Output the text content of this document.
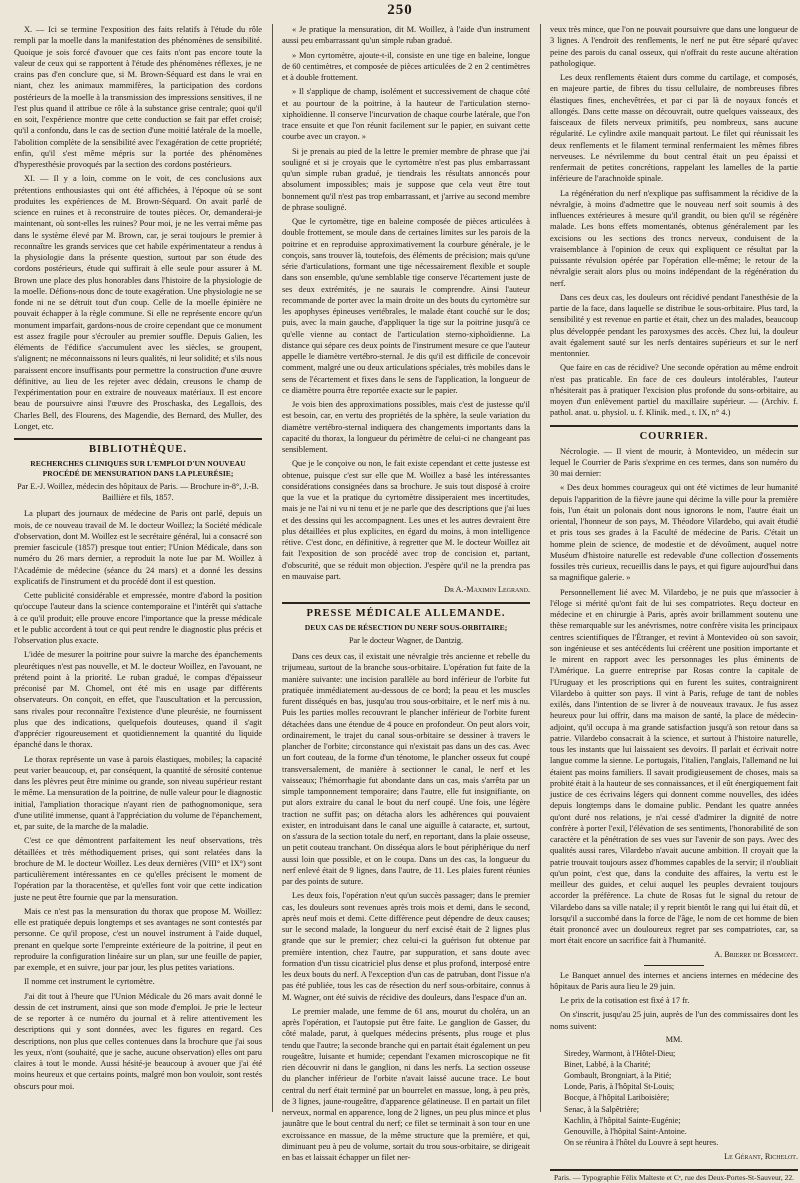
250

X. — Ici se termine l'exposition des faits relatifs à l'étude du rôle rempli par la moelle dans la manifestation des phénomènes de sensibilité. Quoique je sois forcé d'avouer que ces faits n'ont pas encore toute la valeur de ceux qui se rapportent à l'étude des phénomènes réflexes, je ne crains pas d'en conclure que, si M. Brown-Séquard est dans le vrai en niant, chez les animaux mammifères, la participation des cordons postérieurs de la moelle à la transmission des impressions sensitives, il ne l'est plus quand il attribue ce rôle à la substance grise centrale; quoi qu'il en soit, l'expérience montre que cette conduction se fait par effet croisé; qu'il a confondu, dans le cas de section d'une moitié latérale de la moelle, l'abolition complète de la sensibilité avec l'exagération de cette propriété; enfin, qu'il s'est même mépris sur la portée des phénomènes d'hyperesthésie provoqués par la section des cordons postérieurs.

XI. — Il y a loin, comme on le voit, de ces conclusions aux prétentions enthousiastes qui ont été affichées, à l'époque où se sont produites les expériences de M. Brown-Séquard. On avait parlé de science en ruines et à reconstruire de toutes pièces. Or, demanderai-je maintenant, où sont-elles les ruines? Pour moi, je ne les verrai même pas dans le système élevé par M. Brown, car, je serai toujours le premier à reconnaître les grands services que cet habile expérimentateur a rendus à la physiologie dans la présente question, surtout par son étude des cordons postérieurs, étude qui suffirait à elle seule pour assurer à M. Brown une place des plus honorables dans l'histoire de la physiologie de la moelle. Défions-nous donc de toute exagération. Une physiologie ne se fonde ni ne se détruit tout d'un coup. Celle de la moelle épinière ne pouvait échapper à la règle commune. Si elle ne représente encore qu'un monument imparfait, gardons-nous de croire cependant que ce monument est assez fragile pour s'écrouler au premier souffle. Depuis Galien, les éléments de l'édifice s'accumulent avec les siècles, se groupent, s'alignent; ne méconnaissons ni leurs qualités, ni leur solidité; et s'ils nous paraissent encore insuffisants pour permettre la construction d'une œuvre définitive, au lieu de les rejeter avec dédain, creusons le champ de l'expérimentation pour en extraire de nouveaux matériaux. Il est encore beau de poursuivre ainsi l'œuvre des Proschaska, des Legallois, des Charles Bell, des Flourens, des Magendie, des Bernard, des Muller, des Longet, etc.

BIBLIOTHÈQUE.
RECHERCHES CLINIQUES SUR L'EMPLOI D'UN NOUVEAU PROCÉDÉ DE MENSURATION DANS LA PLEURÉSIE;
Par E.-J. Woillez, médecin des hôpitaux de Paris. — Brochure in-8°, J.-B. Baillière et fils, 1857.

La plupart des journaux de médecine de Paris ont parlé, depuis un mois, de ce nouveau travail de M. le docteur Woillez; la Société médicale d'observation, dont M. Woillez est le secrétaire général, lui a consacré son premier fascicule (1857) presque tout entier; l'Union Médicale, dans son numéro du 26 mars dernier, a reproduit la note lue par M. Woillez à l'Académie de médecine (séance du 24 mars) et a donné les dessins explicatifs de l'instrument et du procédé dont il est question.

Cette publicité considérable et empressée, montre d'abord la position qu'occupe l'auteur dans la science contemporaine et l'intérêt qui s'attache à ce qu'il produit; elle prouve encore l'importance que la presse médicale et le public accordent à tout ce qui peut rendre le diagnostic plus précis et l'observation plus exacte.

L'idée de mesurer la poitrine pour suivre la marche des épanchements pleurétiques n'est pas nouvelle, et M. le docteur Woillez, en l'avouant, ne prétend point à la priorité. Le ruban gradué, le compas d'épaisseur préconisé par M. Chomel, ont été mis en usage par différents observateurs. On conçoit, en effet, que l'auscultation et la percussion, sans rivales pour reconnaître l'existence d'une pleurésie, ne fournissent plus que des indications, quelquefois douteuses, quand il s'agit d'apprécier rigoureusement et quotidiennement la quantité du liquide épanché dans le thorax.

Le thorax représente un vase à parois élastiques, mobiles; la capacité peut varier beaucoup, et, par conséquent, la quantité de sérosité contenue dans les plèvres peut être minime ou grande, son niveau supérieur restant le même. La mensuration de la poitrine, de nulle valeur pour le diagnostic initial, l'ampliation thoracique n'ayant rien de pathognomonique, sera d'une utilité immense, quant à l'appréciation du volume de l'épanchement, et, par suite, de la marche de la maladie.

C'est ce que démontrent parfaitement les neuf observations, très détaillées et très méthodiquement prises, qui sont relatées dans la brochure de M. le docteur Woillez. Les deux dernières (VIII° et IX°) sont particulièrement intéressantes en ce qu'elles précisent le moment de l'opération par la thoracentèse, et qu'elles font voir que cette indication juste ne peut être fournie que par la mensuration.

Mais ce n'est pas la mensuration du thorax que propose M. Woillez: elle est pratiquée depuis longtemps et ses avantages ne sont contestés par personne. Ce qu'il propose, c'est un nouvel instrument à l'aide duquel, prenant en quelque sorte l'empreinte extérieure de la poitrine, il peut en reproduire la configuration linéaire sur un plan, sur une feuille de papier, par exemple, et en suivre, jour par jour, les plus petites variations.

Il nomme cet instrument le cyrtomètre.

J'ai dit tout à l'heure que l'Union Médicale du 26 mars avait donné le dessin de cet instrument, ainsi que son mode d'emploi. Je prie le lecteur de se reporter à ce numéro du journal et à relire attentivement les descriptions qui y sont données, avec les figures en regard. Ces descriptions, non plus que celles contenues dans la brochure que j'ai sous les yeux, n'ont (souhaité, que je sache, aucune observation) elles ont paru claires à tout le monde. Aussi hésité-je beaucoup à avouer que j'ai été moins heureux et que certains points, malgré mon bon vouloir, sont restés obscurs pour moi.

« Je pratique la mensuration, dit M. Woillez, à l'aide d'un instrument aussi peu embarrassant qu'un simple ruban gradué.

» Mon cyrtomètre, ajoute-t-il, consiste en une tige en baleine, longue de 60 centimètres, et composée de pièces articulées de 2 en 2 centimètres et à double frottement.

» Il s'applique de champ, isolément et successivement de chaque côté et au pourtour de la poitrine, à la hauteur de l'articulation sterno-xiphoïdienne. Il conserve l'incurvation de chaque courbe latérale, que l'on trace ensuite et que l'on réunit facilement sur le papier, en suivant cette courbe avec un crayon. »

Si je prenais au pied de la lettre le premier membre de phrase que j'ai souligné et si je croyais que le cyrtomètre n'est pas plus embarrassant qu'un simple ruban gradué, je tiendrais les résultats annoncés pour absolument impossibles; mais je suppose que cela veut être tout bonnement qu'il n'est pas trop embarrassant, et j'arrive au second membre de phrase souligné.

Que le cyrtomètre, tige en baleine composée de pièces articulées à double frottement, se moule dans de certaines limites sur les parois de la poitrine et en reproduise approximativement la courbure générale, je le conçois, sans trouver là, toutefois, des éléments de précision; mais qu'une série d'articulations, formant une tige nécessairement flexible et souple dans son ensemble, qu'une semblable tige conserve l'écartement juste de ses deux extrémités, je ne saurais le comprendre. Ainsi l'auteur recommande de porter avec la main droite un des bouts du cyrtomètre sur les apophyses épineuses vertébrales, le malade étant couché sur le dos; puis, avec la main gauche, d'appliquer la tige sur la poitrine jusqu'à ce qu'elle vienne au contact de l'articulation sterno-xiphoïdienne. La distance qui sépare ces deux points de l'instrument mesure ce que l'auteur appelle le diamètre vertébro-sternal. Je dis qu'il est difficile de concevoir comment, malgré une ou deux articulations spéciales, très mobiles dans le sens de l'écartement et fixes dans le sens de l'application, la longueur de ce diamètre pourra être reportée exacte sur le papier.

Je vois bien des approximations possibles, mais c'est de justesse qu'il est besoin, car, en vertu des propriétés de la sphère, la seule variation du diamètre vertébro-sternal indiquera des changements importants dans la capacité du thorax, la longueur du périmètre de celui-ci ne changeant pas sensiblement.

Que je le conçoive ou non, le fait existe cependant et cette justesse est obtenue, puisque c'est sur elle que M. Woillez a basé les intéressantes considérations consignées dans sa brochure. Je suis tout disposé à croire que la vue et la pratique du cyrtomètre dissiperaient mes incertitudes, mais je ne l'ai ni vu ni tenu et je ne parle que des descriptions que j'ai lues et des dessins qui les accompagnent. Les unes et les autres devraient être plus détaillées et plus explicites, en égard du moins, à mon intelligence rétive. C'est donc, en définitive, à regretter que M. le docteur Woillez ait fait l'exposition de son procédé avec trop de concision et, partant, d'obscurité, que se réduit mon objection. J'espère qu'il ne la prendra pas en mauvaise part.

Dr A.-Maximin Legrand.
PRESSE MÉDICALE ALLEMANDE.
DEUX CAS DE RÉSECTION DU NERF SOUS-ORBITAIRE;
Par le docteur Wagner, de Dantzig.

Dans ces deux cas, il existait une névralgie très ancienne et rebelle du trijumeau, surtout de la branche sous-orbitaire. L'opération fut faite de la manière suivante: une incision parallèle au bord inférieur de l'orbite fut pratiquée immédiatement au-dessous de ce bord; la peau et les muscles furent disséqués en bas, jusqu'au trou sous-orbitaire, et le nerf mis à nu. Puis les parties molles recouvrant le plancher inférieur de l'orbite furent détachées dans une étendue de 4 pouce en profondeur. On peut alors voir, ordinairement, le trajet du canal sous-orbitaire se dessiner à travers le plancher de l'orbite; circonstance qui n'existait pas dans un des cas. Avec un fort couteau, de la forme d'un ténotome, le plancher osseux fut coupé transversalement, de manière à sectionner le canal, le nerf et les vaisseaux; l'hémorrhagie fut abondante dans un cas, mais s'arrêta par un simple tamponnement temporaire; dans l'autre, elle fut insignifiante, on put alors extraire du canal le bout du nerf coupé. Une fois, une légère traction ne suffit pas; on détacha alors les adhérences qui pouvaient exister, en introduisant dans le canal une aiguille à cataracte, et, surtout, on s'assura de la section totale du nerf, en reportant, dans la plaie osseuse, un petit couteau tranchant. On disséqua alors le bout périphérique du nerf aussi loin que possible, et on le coupa. Dans un des cas, la longueur du nerf enlevé était de 9 lignes, dans l'autre, de 11. Les plaies furent réunies par des points de suture.

Les deux fois, l'opération n'eut qu'un succès passager; dans le premier cas, les douleurs sont revenues après trois mois et demi, dans le second, après neuf mois et demi. Cette différence peut dépendre de deux causes; sur le second malade, la longueur du nerf excisé était de 2 lignes plus grande que sur le premier; chez celui-ci la guérison fut obtenue par première intention, chez l'autre, par suppuration, et sans doute avec formation d'un tissu cicatriciel plus dense et plus profond, interposé entre les deux bouts du nerf. A l'exception d'un cas de patruban, dont l'issue n'a pas été publiée, tous les cas de résection du nerf sous-orbitaire, connus à M. Wagner, ont été suivis de récidive des douleurs, dans l'espace d'un an.

Le premier malade, une femme de 61 ans, mourut du choléra, un an après l'opération, et l'autopsie put être faite. Le ganglion de Gasser, du côté malade, parut, à quelques médecins présents, plus rouge et plus tendu que l'autre; la seconde branche qui en partait était également un peu rougeâtre, luisante et humide; cependant l'examen microscopique ne fit rien découvrir ni dans le ganglion, ni dans les nerfs. La section osseuse du plancher inférieur de l'orbite n'avait laissé aucune trace. Le bout central du nerf était terminé par un bourrelet en massue, long, à peu près, de 3 lignes, jaune-rougeâtre, d'apparence gélatineuse. Il en partait un filet nerveux, normal en apparence, long de 2 lignes, un peu plus mince et plus jaunâtre que le bout central du nerf; ce filet se terminait à son tour en une excroissance en massue, de la même structure que la première, et qui, diminuant peu à peu de volume, sortait du trou sous-orbitaire, se dirigeait en bas et laissait échapper un filet ner-

veux très mince, que l'on ne pouvait poursuivre que dans une longueur de 3 lignes. A l'endroit des renflements, le nerf ne put être séparé qu'avec peine des parois du canal osseux, qui n'offrait du reste aucune altération pathologique.

Les deux renflements étaient durs comme du cartilage, et composés, en majeure partie, de fibres du tissu cellulaire, de nombreuses fibres élastiques fines, enchevêtrées, et par ci par là de noyaux foncés et allongés. Dans cette masse on découvrait, outre quelques vaisseaux, des faisceaux de filets nerveux primitifs, peu nombreux, sans aucune régularité. Le cylindre axile manquait partout. Le filet qui réunissait les deux renflements et le filament terminal renfermaient les mêmes fibres nerveuses. Le névrilemme du bout central était un peu épaissi et renfermait de petites concrétions, rappelant les lamelles de la partie inférieure de l'arachnoïde spinale.

La régénération du nerf n'explique pas suffisamment la récidive de la névralgie, à moins d'admettre que le nouveau nerf soit soumis à des influences extérieures à mesure qu'il grandit, ou bien qu'il se régénère malade. Les bons effets momentanés, obtenus généralement par les excisions ou les sections des troncs nerveux, conduisent de la vraisemblance à l'opinion de ceux qui expliquent ce résultat par la puissante révulsion opérée par l'opération elle-même; le retour de la névralgie serait alors plus ou moins indépendant de la régénération du nerf.

Dans ces deux cas, les douleurs ont récidivé pendant l'anesthésie de la partie de la face, dans laquelle se distribue le sous-orbitaire. Plus tard, la sensibilité y est revenue en partie et était, chez un des malades, beaucoup plus développée pendant les paroxysmes des accès. Chez lui, la douleur avait également sauté sur les nerfs dentaires supérieurs et sur le nerf mentonnier.

Que faire en cas de récidive? Une seconde opération au même endroit n'est pas praticable. En face de ces douleurs intolérables, l'auteur n'hésiterait pas à pratiquer l'excision plus profonde du sons-orbitaire, au moyen d'un enlèvement partiel du maxillaire supérieur. — (Archiv. f. pathol. anat. u. physiol. u. f. Klinik. med., t. IX, n° 4.)

COURRIER.

Nécrologie. — Il vient de mourir, à Montevideo, un médecin sur lequel le Courrier de Paris s'exprime en ces termes, dans son numéro du 30 mai dernier:

« Des deux hommes courageux qui ont été victimes de leur humanité depuis l'apparition de la fièvre jaune qui décime la ville pour la première fois, l'un était un polonais dont nous ignorons le nom, l'autre était un oriental, l'honneur de son pays, M. Théodore Vilardebo, qui avait étudié et pris tous ses grades à la Faculté de médecine de Paris. C'était un homme plein de science, de modestie et de dévoûment, auquel notre Muséum d'histoire naturelle est redevable d'une collection d'ossements fossiles très curieux, recueillis dans le pays, et qui figure aujourd'hui dans sa magnifique galerie. »

Personnellement lié avec M. Vilardebo, je ne puis que m'associer à l'éloge si mérité qu'ont fait de lui ses compatriotes. Reçu docteur en médecine et en chirurgie à Paris, après avoir brillamment soutenu une thèse remarquable sur les anévrismes, notre confrère visita les principaux centres scientifiques de l'Étranger, et revint à Montevideo où son savoir, son ingénieuse et ses antécédents lui créèrent une position importante et le mirent en rapport avec les personnages les plus éminents de l'Amérique. La guerre entreprise par Rosas contre la capitale de l'Uruguay et les proscriptions qui en furent les suites, contraignirent Vilardebo à quitter son pays. Il vint à Paris, refuge de tant de nobles exilés, dans l'intention de se livrer à de nouveaux travaux. Je fus assez heureux pour lui offrir, dans ma maison de santé, la place de médecin-adjoint, qu'il occupa à ma grande satisfaction jusqu'à son retour dans sa patrie. Vilardebo consacrait à la science, et surtout à l'histoire naturelle, tous les instants que lui laissaient ses devoirs. Il parlait et écrivait notre langue comme la sienne. Le portugais, l'italien, l'anglais, l'allemand ne lui étaient pas moins familiers. Il savait prodigieusement de choses, mais sa probité était à la hauteur de ses connaissances, et il eût énergiquement fait justice de ces écrivains légers qui donnent comme nouvelles, des idées depuis longtemps dans le domaine public. Pendant les quatre années qu'ont duré nos relations, je n'ai cessé d'admirer la dignité de notre confrère à porter l'exil, l'élévation de ses sentiments, l'honorabilité de son caractère et la pénétration de ses vues sur l'avenir de son pays. Avec des qualités aussi rares, Vilardebo n'avait aucune ambition. Il croyait que la patrie trouvait toujours assez d'hommes capables de la servir; il n'oubliait qu'un point, c'est que, dans la conduite des affaires, la vertu est le meilleur des guides, et celui auquel les peuples devraient toujours accorder la préférence. La chute de Rosas fut le signal du retour de Vilardebo dans sa ville natale; il y reprit bientôt le rang qui lui était dû, et lorsqu'il a succombé dans la force de l'âge, le nom de cet homme de bien était prononcé avec un douloureux regret par ses compatriotes, car, sa mort était encore un sacrifice fait à l'humanité.

A. Brierre de Boismont.

Le Banquet annuel des internes et anciens internes en médecine des hôpitaux de Paris aura lieu le 29 juin.

Le prix de la cotisation est fixé à 17 fr.

On s'inscrit, jusqu'au 25 juin, auprès de l'un des commissaires dont les noms suivent:

MM.
Siredey, Warmont, à l'Hôtel-Dieu;
Binet, Labbé, à la Charité;
Gombault, Brongniart, à la Pitié;
Londe, Paris, à l'hôpital St-Louis;
Bocque, à l'hôpital Lariboisière;
Senac, à la Salpêtrière;
Kachlin, à l'hôpital Sainte-Eugénie;
Genouville, à l'hôpital Saint-Antoine.
On se réunira à l'hôtel du Louvre à sept heures.
Le Gérant, Richelot.
Paris. — Typographie Félix Malteste et Cᵉ, rue des Deux-Portes-St-Sauveur, 22.
